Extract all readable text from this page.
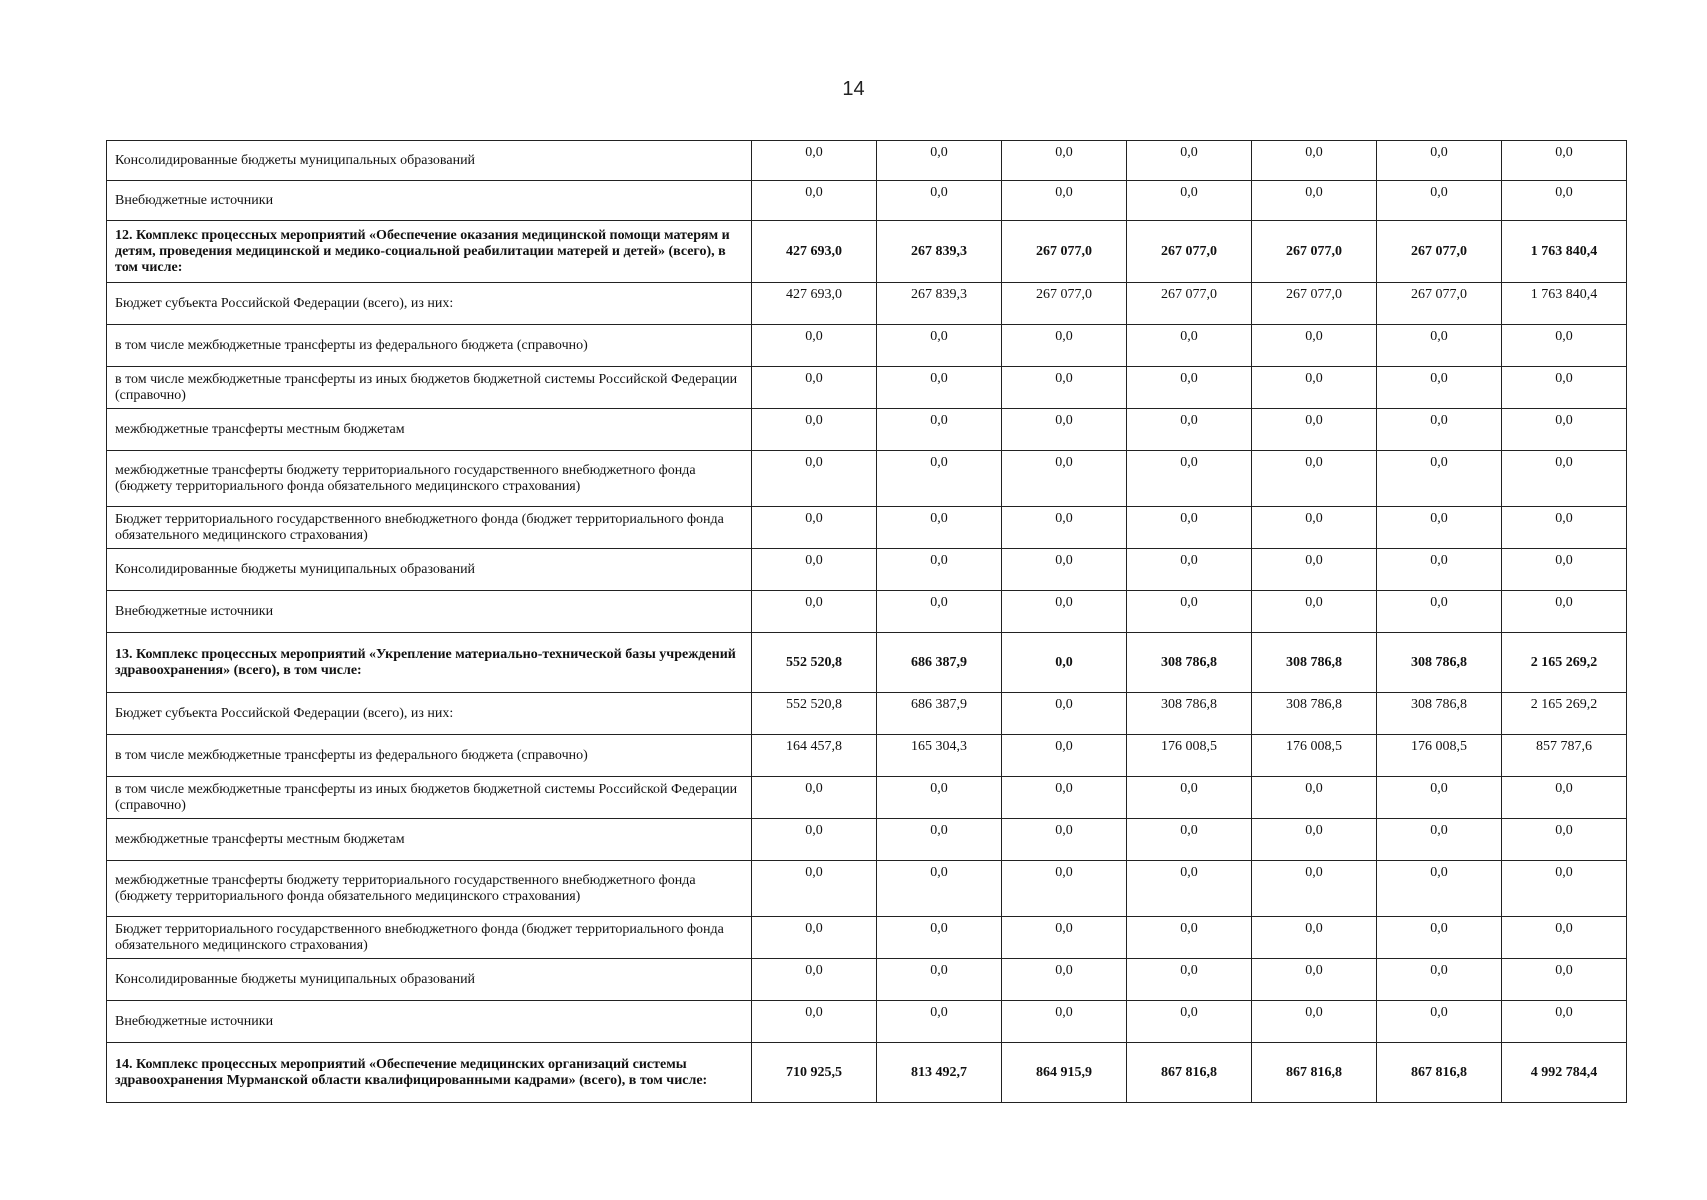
14
Консолидированные бюджеты муниципальных образований	0,0	0,0	0,0	0,0	0,0	0,0	0,0
Внебюджетные источники	0,0	0,0	0,0	0,0	0,0	0,0	0,0
12. Комплекс процессных мероприятий «Обеспечение оказания медицинской помощи матерям и детям, проведения медицинской и медико-социальной реабилитации матерей и детей» (всего), в том числе:	427 693,0	267 839,3	267 077,0	267 077,0	267 077,0	267 077,0	1 763 840,4
Бюджет субъекта Российской Федерации (всего), из них:	427 693,0	267 839,3	267 077,0	267 077,0	267 077,0	267 077,0	1 763 840,4
в том числе межбюджетные трансферты из федерального бюджета (справочно)	0,0	0,0	0,0	0,0	0,0	0,0	0,0
в том числе межбюджетные трансферты из иных бюджетов бюджетной системы Российской Федерации (справочно)	0,0	0,0	0,0	0,0	0,0	0,0	0,0
межбюджетные трансферты местным бюджетам	0,0	0,0	0,0	0,0	0,0	0,0	0,0
межбюджетные трансферты бюджету территориального государственного внебюджетного фонда (бюджету территориального фонда обязательного медицинского страхования)	0,0	0,0	0,0	0,0	0,0	0,0	0,0
Бюджет территориального государственного внебюджетного фонда (бюджет территориального фонда обязательного медицинского страхования)	0,0	0,0	0,0	0,0	0,0	0,0	0,0
Консолидированные бюджеты муниципальных образований	0,0	0,0	0,0	0,0	0,0	0,0	0,0
Внебюджетные источники	0,0	0,0	0,0	0,0	0,0	0,0	0,0
13. Комплекс процессных мероприятий «Укрепление материально-технической базы учреждений здравоохранения» (всего), в том числе:	552 520,8	686 387,9	0,0	308 786,8	308 786,8	308 786,8	2 165 269,2
Бюджет субъекта Российской Федерации (всего), из них:	552 520,8	686 387,9	0,0	308 786,8	308 786,8	308 786,8	2 165 269,2
в том числе межбюджетные трансферты из федерального бюджета (справочно)	164 457,8	165 304,3	0,0	176 008,5	176 008,5	176 008,5	857 787,6
в том числе межбюджетные трансферты из иных бюджетов бюджетной системы Российской Федерации (справочно)	0,0	0,0	0,0	0,0	0,0	0,0	0,0
межбюджетные трансферты местным бюджетам	0,0	0,0	0,0	0,0	0,0	0,0	0,0
межбюджетные трансферты бюджету территориального государственного внебюджетного фонда (бюджету территориального фонда обязательного медицинского страхования)	0,0	0,0	0,0	0,0	0,0	0,0	0,0
Бюджет территориального государственного внебюджетного фонда (бюджет территориального фонда обязательного медицинского страхования)	0,0	0,0	0,0	0,0	0,0	0,0	0,0
Консолидированные бюджеты муниципальных образований	0,0	0,0	0,0	0,0	0,0	0,0	0,0
Внебюджетные источники	0,0	0,0	0,0	0,0	0,0	0,0	0,0
14. Комплекс процессных мероприятий «Обеспечение медицинских организаций системы здравоохранения Мурманской области квалифицированными кадрами» (всего), в том числе:	710 925,5	813 492,7	864 915,9	867 816,8	867 816,8	867 816,8	4 992 784,4
